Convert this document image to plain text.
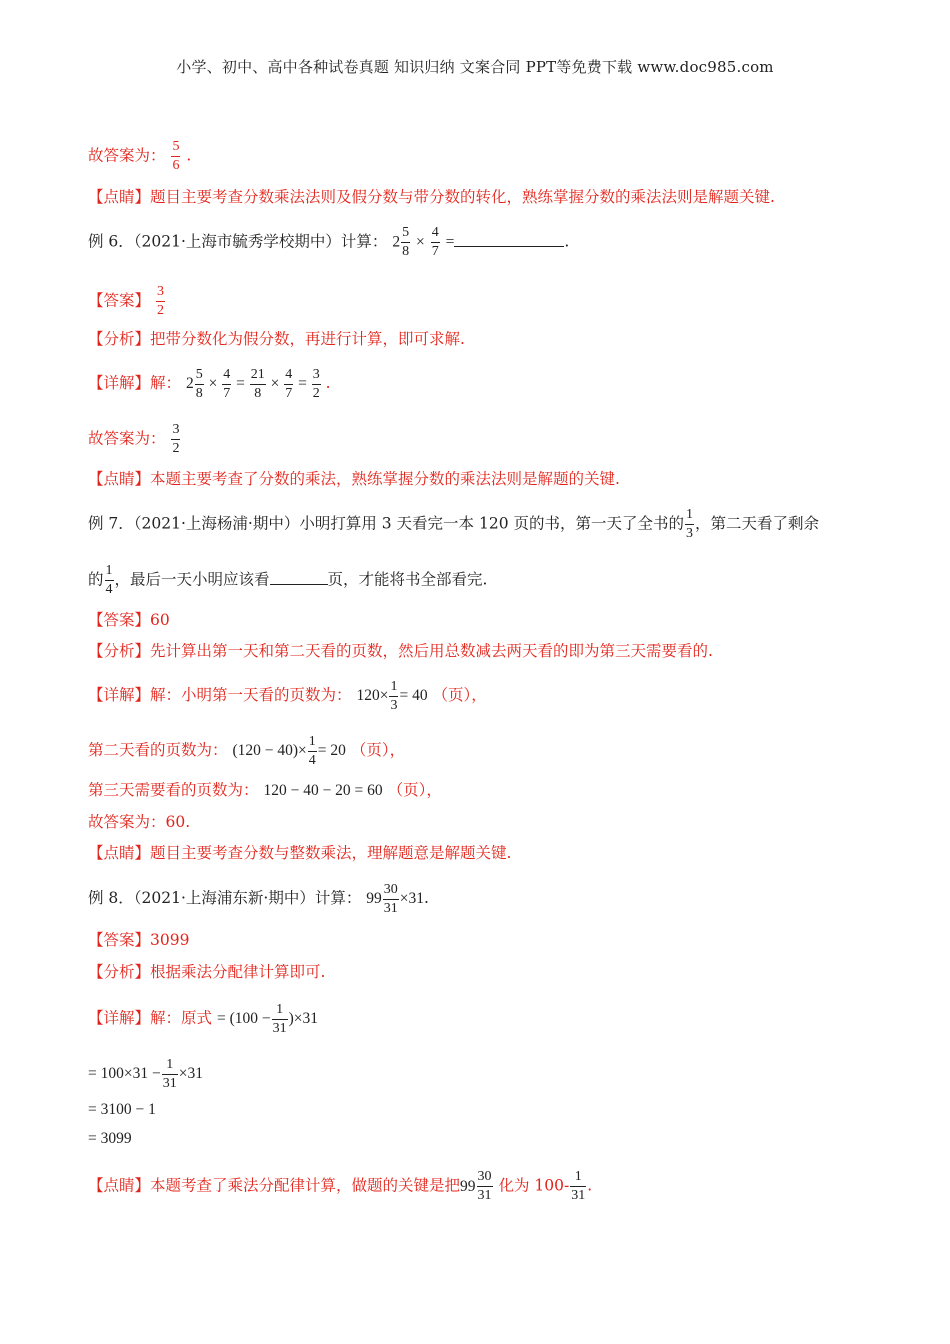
小学、初中、高中各种试卷真题 知识归纳 文案合同 PPT等免费下载 www.doc985.com
故答案为： $\frac{5}{6}$ .
【点睛】题目主要考查分数乘法法则及假分数与带分数的转化，熟练掌握分数的乘法法则是解题关键.
例 6．（2021·上海市毓秀学校期中）计算： $2 \frac{5}{8} \times \frac{4}{7}$ =	.
【答案】 $\frac{3}{2}$
【分析】把带分数化为假分数，再进行计算，即可求解.
【详解】解： $2 \frac{5}{8} \times \frac{4}{7} = \frac{21}{8} \times \frac{4}{7} = \frac{3}{2}$ .
故答案为： $\frac{3}{2}$
【点睛】本题主要考查了分数的乘法，熟练掌握分数的乘法法则是解题的关键.
例 7．（2021·上海杨浦·期中）小明打算用 3 天看完一本 120 页的书，第一天了全书的 $\frac{1}{3}$ ，第二天看了剩余
的 $\frac{1}{4}$ ，最后一天小明应该看	页，才能将书全部看完.
【答案】60
【分析】先计算出第一天和第二天看的页数，然后用总数减去两天看的即为第三天需要看的.
【详解】解：小明第一天看的页数为： $120\times \frac{1}{3} = 40$ （页），
第二天看的页数为： $(120 - 40)\times \frac{1}{4} = 20$ （页），
第三天需要看的页数为： 120 − 40 − 20 = 60 （页），
故答案为：60.
【点睛】题目主要考查分数与整数乘法，理解题意是解题关键.
例 8．（2021·上海浦东新·期中）计算： $99 \frac{30}{31} \times 31$.
【答案】3099
【分析】根据乘法分配律计算即可.
【详解】解：原式 = $(100 - \frac{1}{31} )\times 31$
= $100\times 31 - \frac{1}{31} \times 31$
= 3100 − 1
= 3099
【点睛】本题考查了乘法分配律计算，做题的关键是把$99 \frac{30}{31}$ 化为 $100- \frac{1}{31}$ .
